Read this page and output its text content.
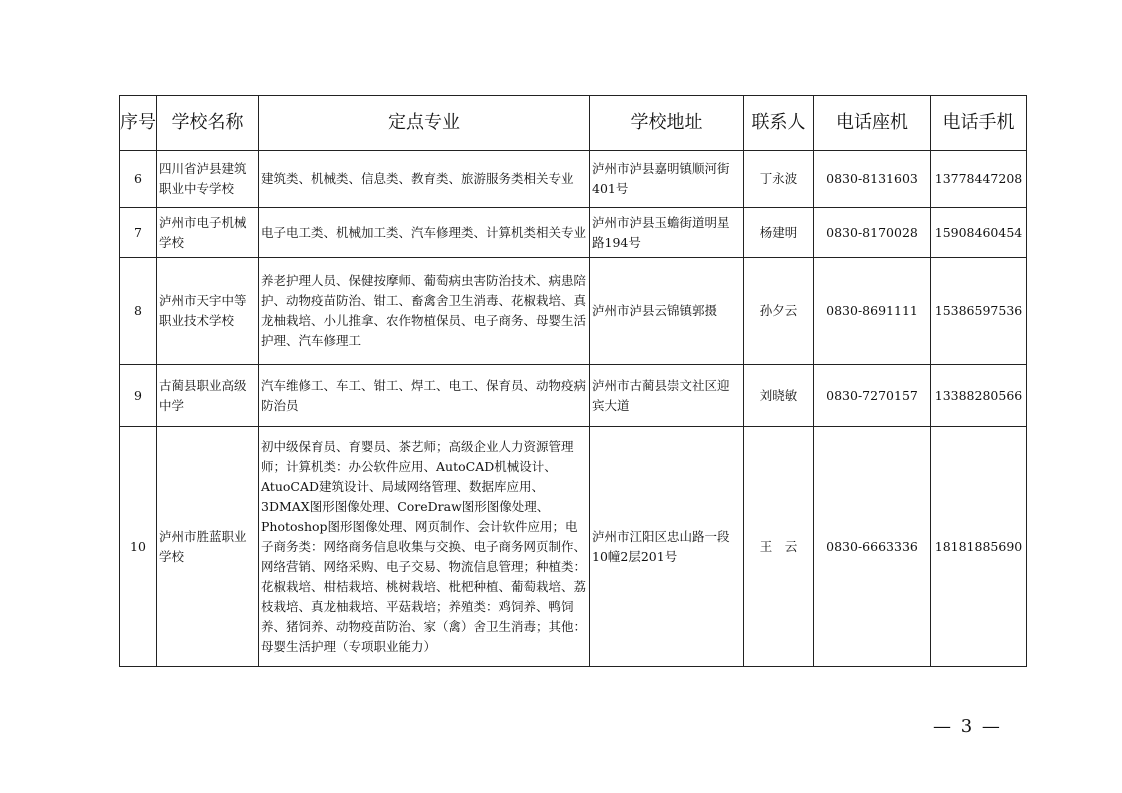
序号	学校名称	定点专业	学校地址	联系人	电话座机	电话手机
6	四川省泸县建筑职业中专学校	建筑类、机械类、信息类、教育类、旅游服务类相关专业	泸州市泸县嘉明镇顺河街401号	丁永波	0830-8131603	13778447208
7	泸州市电子机械学校	电子电工类、机械加工类、汽车修理类、计算机类相关专业	泸州市泸县玉蟾街道明星路194号	杨建明	0830-8170028	15908460454
8	泸州市天宇中等职业技术学校	养老护理人员、保健按摩师、葡萄病虫害防治技术、病患陪护、动物疫苗防治、钳工、畜禽舍卫生消毒、花椒栽培、真龙柚栽培、小儿推拿、农作物植保员、电子商务、母婴生活护理、汽车修理工	泸州市泸县云锦镇郭摄	孙夕云	0830-8691111	15386597536
9	古蔺县职业高级中学	汽车维修工、车工、钳工、焊工、电工、保育员、动物疫病防治员	泸州市古蔺县崇文社区迎宾大道	刘晓敏	0830-7270157	13388280566
10	泸州市胜蓝职业学校	初中级保育员、育婴员、茶艺师；高级企业人力资源管理师；计算机类：办公软件应用、AutoCAD机械设计、AtuoCAD建筑设计、局域网络管理、数据库应用、3DMAX图形图像处理、CoreDraw图形图像处理、Photoshop图形图像处理、网页制作、会计软件应用；电子商务类：网络商务信息收集与交换、电子商务网页制作、网络营销、网络采购、电子交易、物流信息管理；种植类：花椒栽培、柑桔栽培、桃树栽培、枇杷种植、葡萄栽培、荔枝栽培、真龙柚栽培、平菇栽培；养殖类：鸡饲养、鸭饲养、猪饲养、动物疫苗防治、家（禽）舍卫生消毒；其他：母婴生活护理（专项职业能力）	泸州市江阳区忠山路一段10幢2层201号	王　云	0830-6663336	18181885690
— 3 —
